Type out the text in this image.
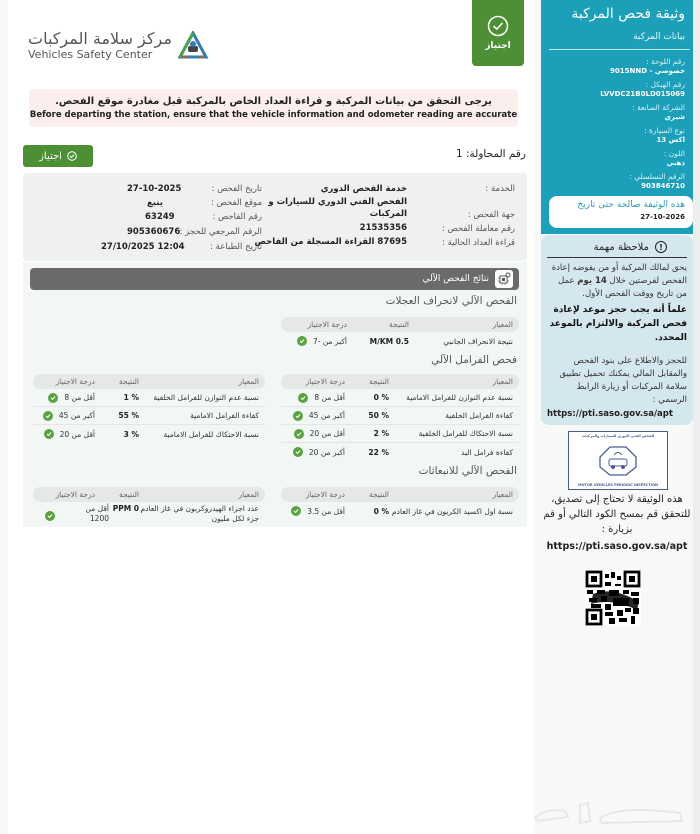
مركز سلامة المركبات
Vehicles Safety Center
اجتياز
يرجى التحقق من بيانات المركبة و قراءة العداد الخاص بالمركبة قبل مغادرة موقع الفحص.
Before departing the station, ensure that the vehicle information and odometer reading are accurate
رقم المحاولة: 1
اجتياز
الخدمة :
خدمة الفحص الدوري
جهة الفحص :
الفحص الفني الدوري للسيارات و
المركبات
رقم معاملة الفحص :
21535356
قراءة العداد الحالية :
87695 القراءة المسجلة من الفاحص
تاريخ الفحص :
27-10-2025
موقع الفحص :
ينبع
رقم الفاحص :
63249
الرقم المرجعي للحجز :
905360676
تاريخ الطباعة :
12:04 27/10/2025
نتائج الفحص الآلي
الفحص الآلي لانحراف العجلات
المعيار
النتيجة
درجة الاجتياز
نتيجة الانحراف الجانبي
M/KM 0.5
أكبر من -7
فحص الفرامل الآلي
المعيار
النتيجة
درجة الاجتياز
نسبة عدم التوازن للفرامل الامامية
% 0
أقل من 8
كفاءة الفرامل الخلفية
% 50
أكبر من 45
نسبة الاحتكاك للفرامل الخلفية
% 2
أقل من 20
كفاءة فرامل اليد
% 22
أكبر من 20
المعيار
النتيجة
درجة الاجتياز
نسبة عدم التوازن للفرامل الخلفية
% 1
أقل من 8
كفاءة الفرامل الامامية
% 55
أكبر من 45
نسبة الاحتكاك للفرامل الامامية
% 3
أقل من 20
الفحص الآلي للانبعاثات
المعيار
النتيجة
درجة الاجتياز
نسبة اول اكسيد الكربون في غاز العادم
% 0
أقل من 3.5
المعيار
النتيجة
درجة الاجتياز
عدد اجزاء الهيدروكربون في غاز العادم جزء لكل مليون
PPM 0
أقل من 1200
وثيقة فحص المركبة
بيانات المركبة
رقم اللوحة :
خصوصي - 9015NND
رقم الهيكل :
LVVDC21B0LD015069
الشركة الصانعة :
شيري
نوع السيارة :
اكس 13
اللون :
ذهبي
الرقم التسلسلي :
903846710
هذه الوثيقة صالحة حتى تاريخ
27-10-2026
!
ملاحظة مهمة

يحق لمالك المركبة أو من يفوضه إعادة الفحص لفرصتين خلال 14 يوم عمل من تاريخ ووقت الفحص الأول.

علماً أنه يجب حجز موعد لإعادة فحص المركبة والالتزام بالموعد المحدد.

للحجز والاطلاع على بنود الفحص والمقابل المالي يمكنك تحميل تطبيق سلامة المركبات أو زيارة الرابط الرسمي :

https://pti.saso.gov.sa/apt

الفحص الفني الدوري للسيارات والمركبات
MOTOR VEHICLES PERIODIC INSPECTION
هذه الوثيقة لا تحتاج إلى تصديق، للتحقق قم بمسح الكود التالي أو قم بزيارة :
https://pti.saso.gov.sa/apt
